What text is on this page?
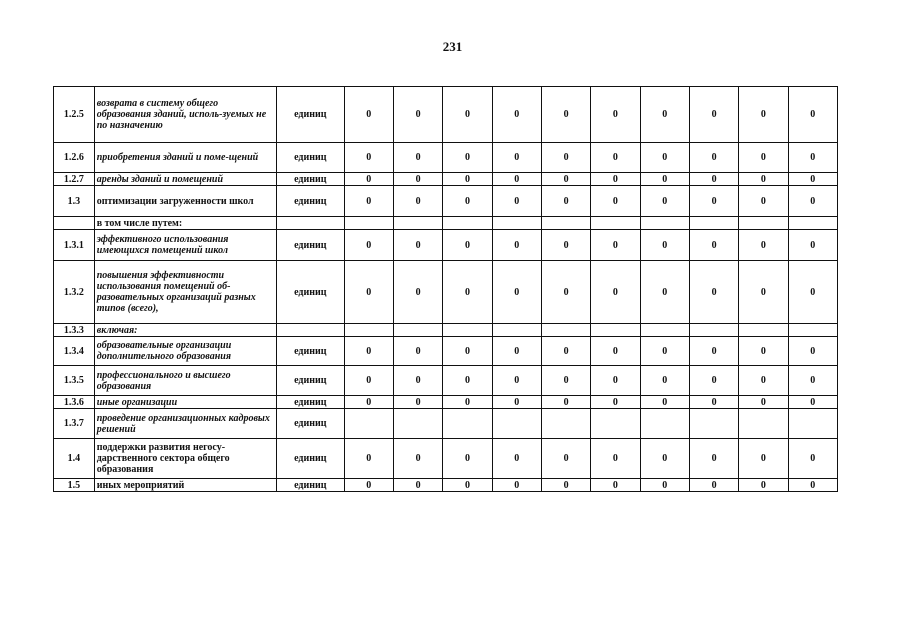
231
1.2.5	возврата в систему общего образования зданий, исполь-зуемых не по назначению	единиц	0	0	0	0	0	0	0	0	0	0
1.2.6	приобретения зданий и поме-щений	единиц	0	0	0	0	0	0	0	0	0	0
1.2.7	аренды зданий и помещений	единиц	0	0	0	0	0	0	0	0	0	0
1.3	оптимизации загруженности школ	единиц	0	0	0	0	0	0	0	0	0	0
	в том числе путем:											
1.3.1	эффективного использования имеющихся помещений школ	единиц	0	0	0	0	0	0	0	0	0	0
1.3.2	повышения эффективности использования помещений об-разовательных организаций разных типов (всего),	единиц	0	0	0	0	0	0	0	0	0	0
1.3.3	включая:											
1.3.4	образовательные организации дополнительного образования	единиц	0	0	0	0	0	0	0	0	0	0
1.3.5	профессионального и высшего образования	единиц	0	0	0	0	0	0	0	0	0	0
1.3.6	иные организации	единиц	0	0	0	0	0	0	0	0	0	0
1.3.7	проведение организационных кадровых решений	единиц										
1.4	поддержки развития негосу-дарственного сектора общего образования	единиц	0	0	0	0	0	0	0	0	0	0
1.5	иных мероприятий	единиц	0	0	0	0	0	0	0	0	0	0
